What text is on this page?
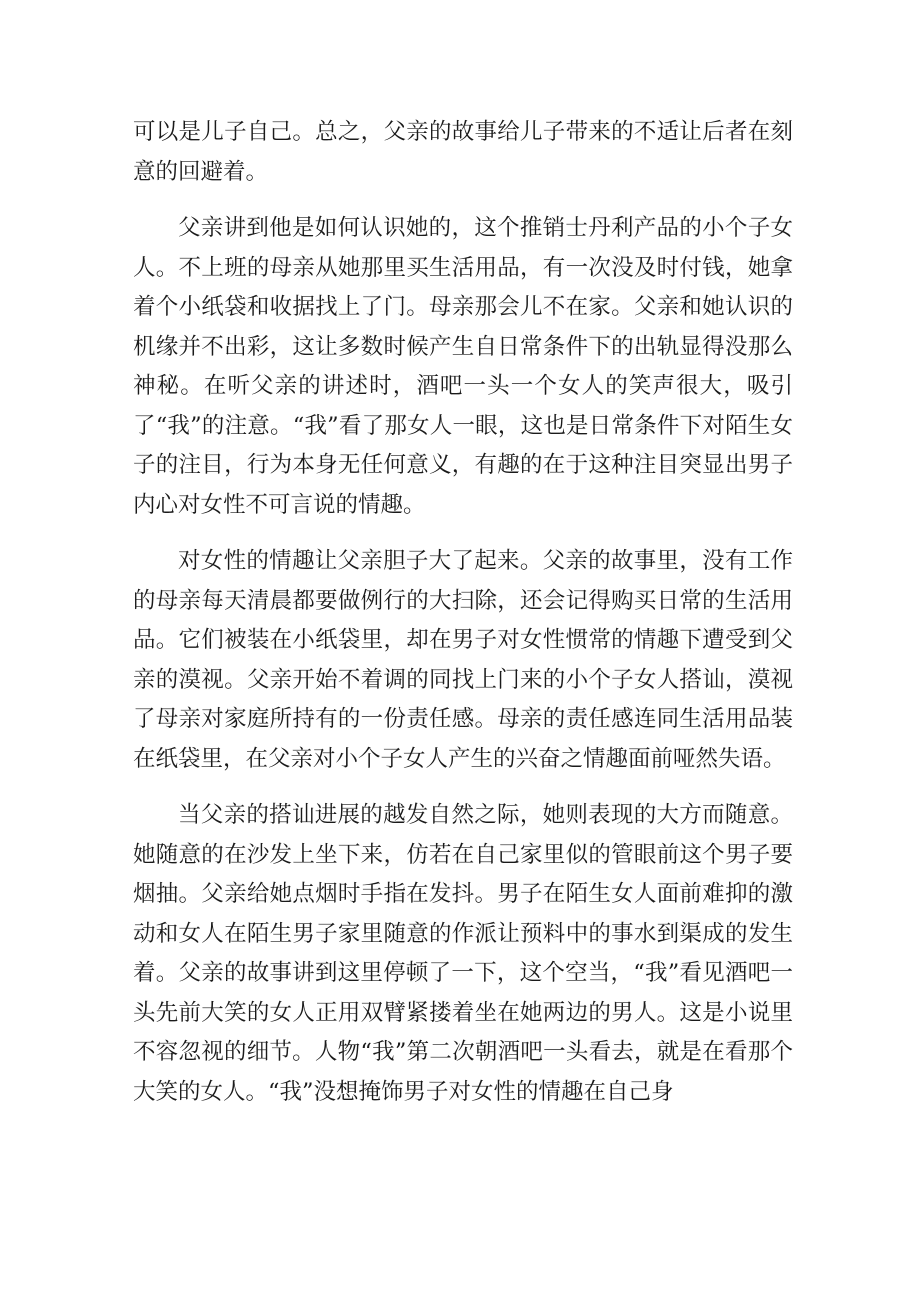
可以是儿子自己。总之，父亲的故事给儿子带来的不适让后者在刻意的回避着。

父亲讲到他是如何认识她的，这个推销士丹利产品的小个子女人。不上班的母亲从她那里买生活用品，有一次没及时付钱，她拿着个小纸袋和收据找上了门。母亲那会儿不在家。父亲和她认识的机缘并不出彩，这让多数时候产生自日常条件下的出轨显得没那么神秘。在听父亲的讲述时，酒吧一头一个女人的笑声很大，吸引了“我”的注意。“我”看了那女人一眼，这也是日常条件下对陌生女子的注目，行为本身无任何意义，有趣的在于这种注目突显出男子内心对女性不可言说的情趣。

对女性的情趣让父亲胆子大了起来。父亲的故事里，没有工作的母亲每天清晨都要做例行的大扫除，还会记得购买日常的生活用品。它们被装在小纸袋里，却在男子对女性惯常的情趣下遭受到父亲的漠视。父亲开始不着调的同找上门来的小个子女人搭讪，漠视了母亲对家庭所持有的一份责任感。母亲的责任感连同生活用品装在纸袋里，在父亲对小个子女人产生的兴奋之情趣面前哑然失语。

当父亲的搭讪进展的越发自然之际，她则表现的大方而随意。她随意的在沙发上坐下来，仿若在自己家里似的管眼前这个男子要烟抽。父亲给她点烟时手指在发抖。男子在陌生女人面前难抑的激动和女人在陌生男子家里随意的作派让预料中的事水到渠成的发生着。父亲的故事讲到这里停顿了一下，这个空当，“我”看见酒吧一头先前大笑的女人正用双臂紧搂着坐在她两边的男人。这是小说里不容忽视的细节。人物“我”第二次朝酒吧一头看去，就是在看那个大笑的女人。“我”没想掩饰男子对女性的情趣在自己身
